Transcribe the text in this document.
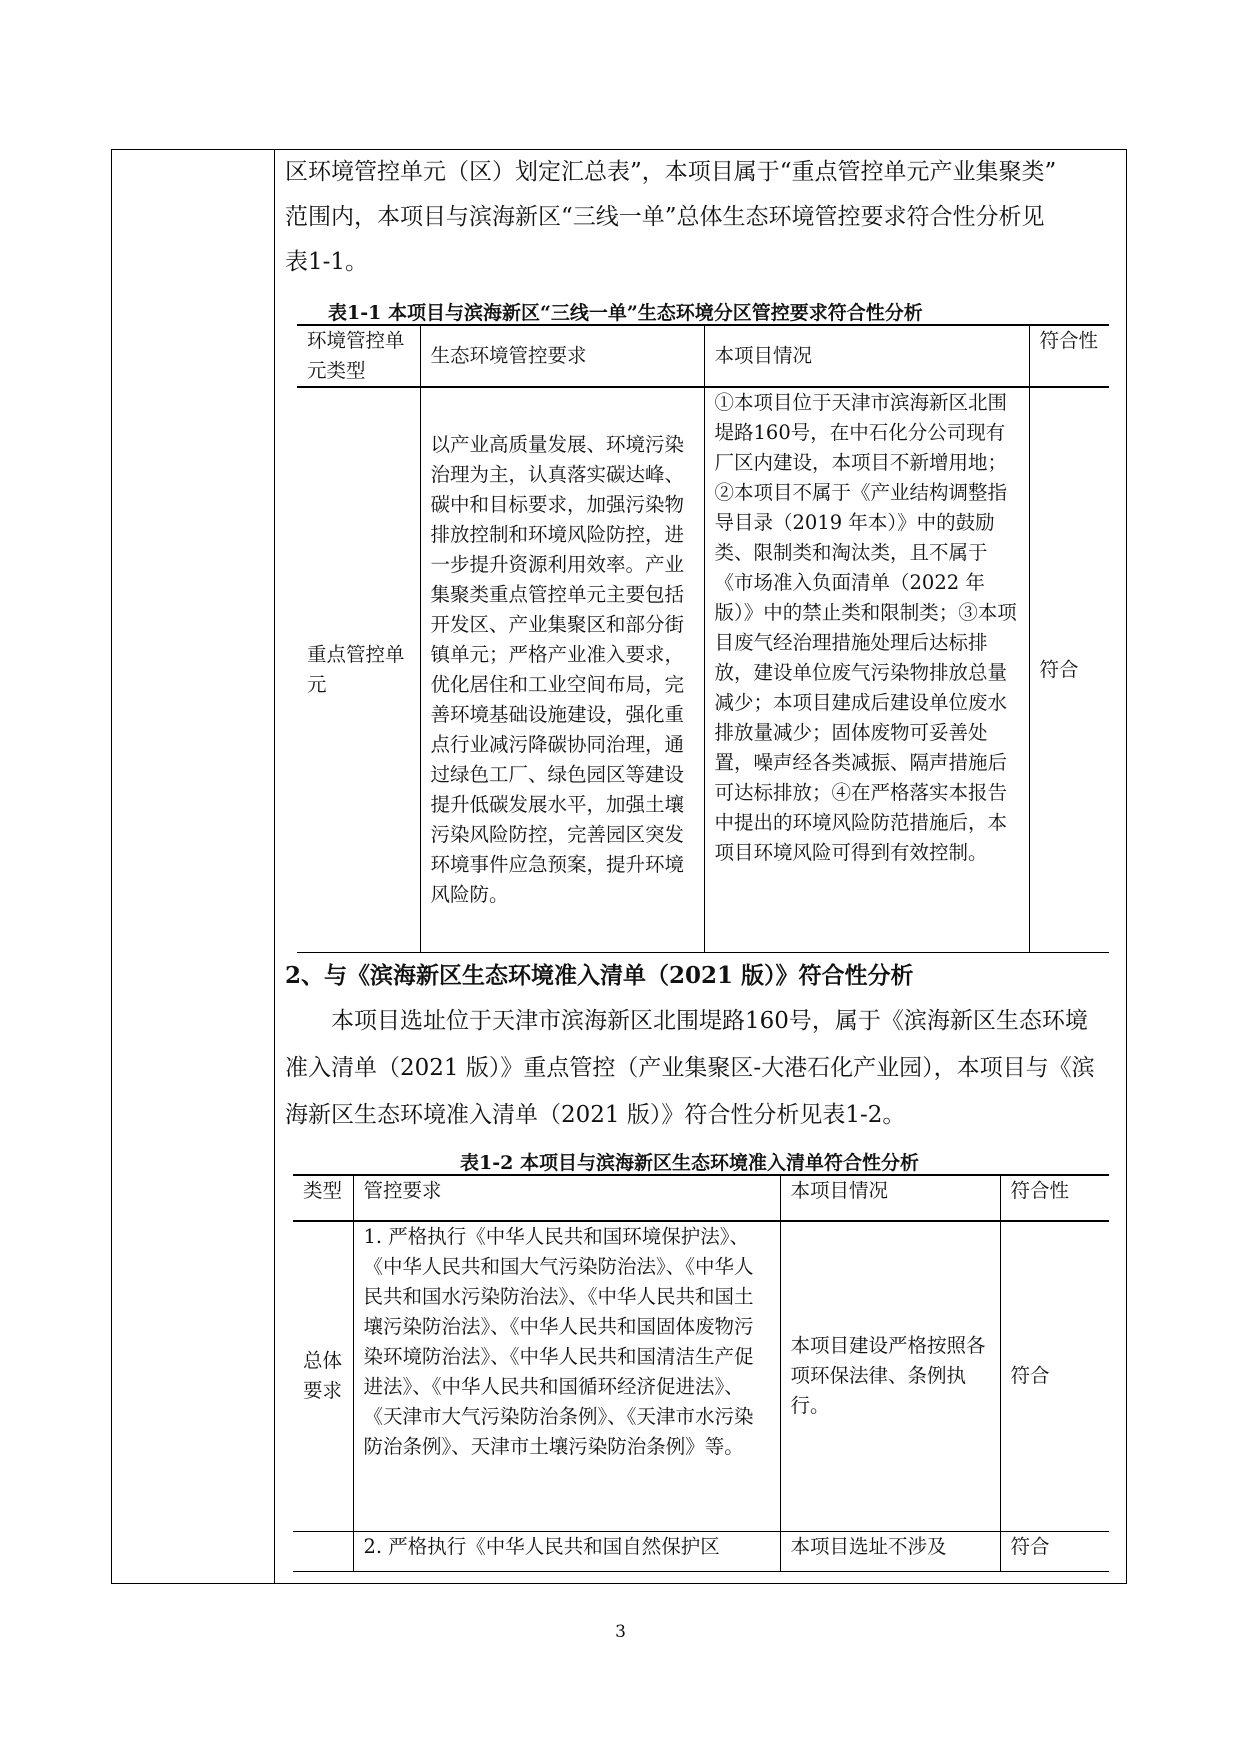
区环境管控单元（区）划定汇总表”，本项目属于“重点管控单元产业集聚类”
范围内，本项目与滨海新区“三线一单”总体生态环境管控要求符合性分析见
表1-1。

表1-1 本项目与滨海新区“三线一单”生态环境分区管控要求符合性分析
环境管控单元类型	生态环境管控要求	本项目情况	符合性
重点管控单元	以产业高质量发展、环境污染治理为主，认真落实碳达峰、碳中和目标要求，加强污染物排放控制和环境风险防控，进一步提升资源利用效率。产业集聚类重点管控单元主要包括开发区、产业集聚区和部分街镇单元；严格产业准入要求，优化居住和工业空间布局，完善环境基础设施建设，强化重点行业减污降碳协同治理，通过绿色工厂、绿色园区等建设提升低碳发展水平，加强土壤污染风险防控，完善园区突发环境事件应急预案，提升环境风险防。	①本项目位于天津市滨海新区北围堤路160号，在中石化分公司现有厂区内建设，本项目不新增用地；②本项目不属于《产业结构调整指导目录（2019 年本）》中的鼓励类、限制类和淘汰类，且不属于《市场准入负面清单（2022 年版）》中的禁止类和限制类；③本项目废气经治理措施处理后达标排放，建设单位废气污染物排放总量减少；本项目建成后建设单位废水排放量减少；固体废物可妥善处置，噪声经各类减振、隔声措施后可达标排放；④在严格落实本报告中提出的环境风险防范措施后，本项目环境风险可得到有效控制。	符合

2、与《滨海新区生态环境准入清单（2021 版）》符合性分析

本项目选址位于天津市滨海新区北围堤路160号，属于《滨海新区生态环境准入清单（2021 版）》重点管控（产业集聚区-大港石化产业园），本项目与《滨海新区生态环境准入清单（2021 版）》符合性分析见表1-2。

表1-2 本项目与滨海新区生态环境准入清单符合性分析
类型	管控要求	本项目情况	符合性
总体要求	1. 严格执行《中华人民共和国环境保护法》、《中华人民共和国大气污染防治法》、《中华人民共和国水污染防治法》、《中华人民共和国土壤污染防治法》、《中华人民共和国固体废物污染环境防治法》、《中华人民共和国清洁生产促进法》、《中华人民共和国循环经济促进法》、《天津市大气污染防治条例》、《天津市水污染防治条例》、天津市土壤污染防治条例》等。	本项目建设严格按照各项环保法律、条例执行。	符合
	2. 严格执行《中华人民共和国自然保护区	本项目选址不涉及	符合
3
